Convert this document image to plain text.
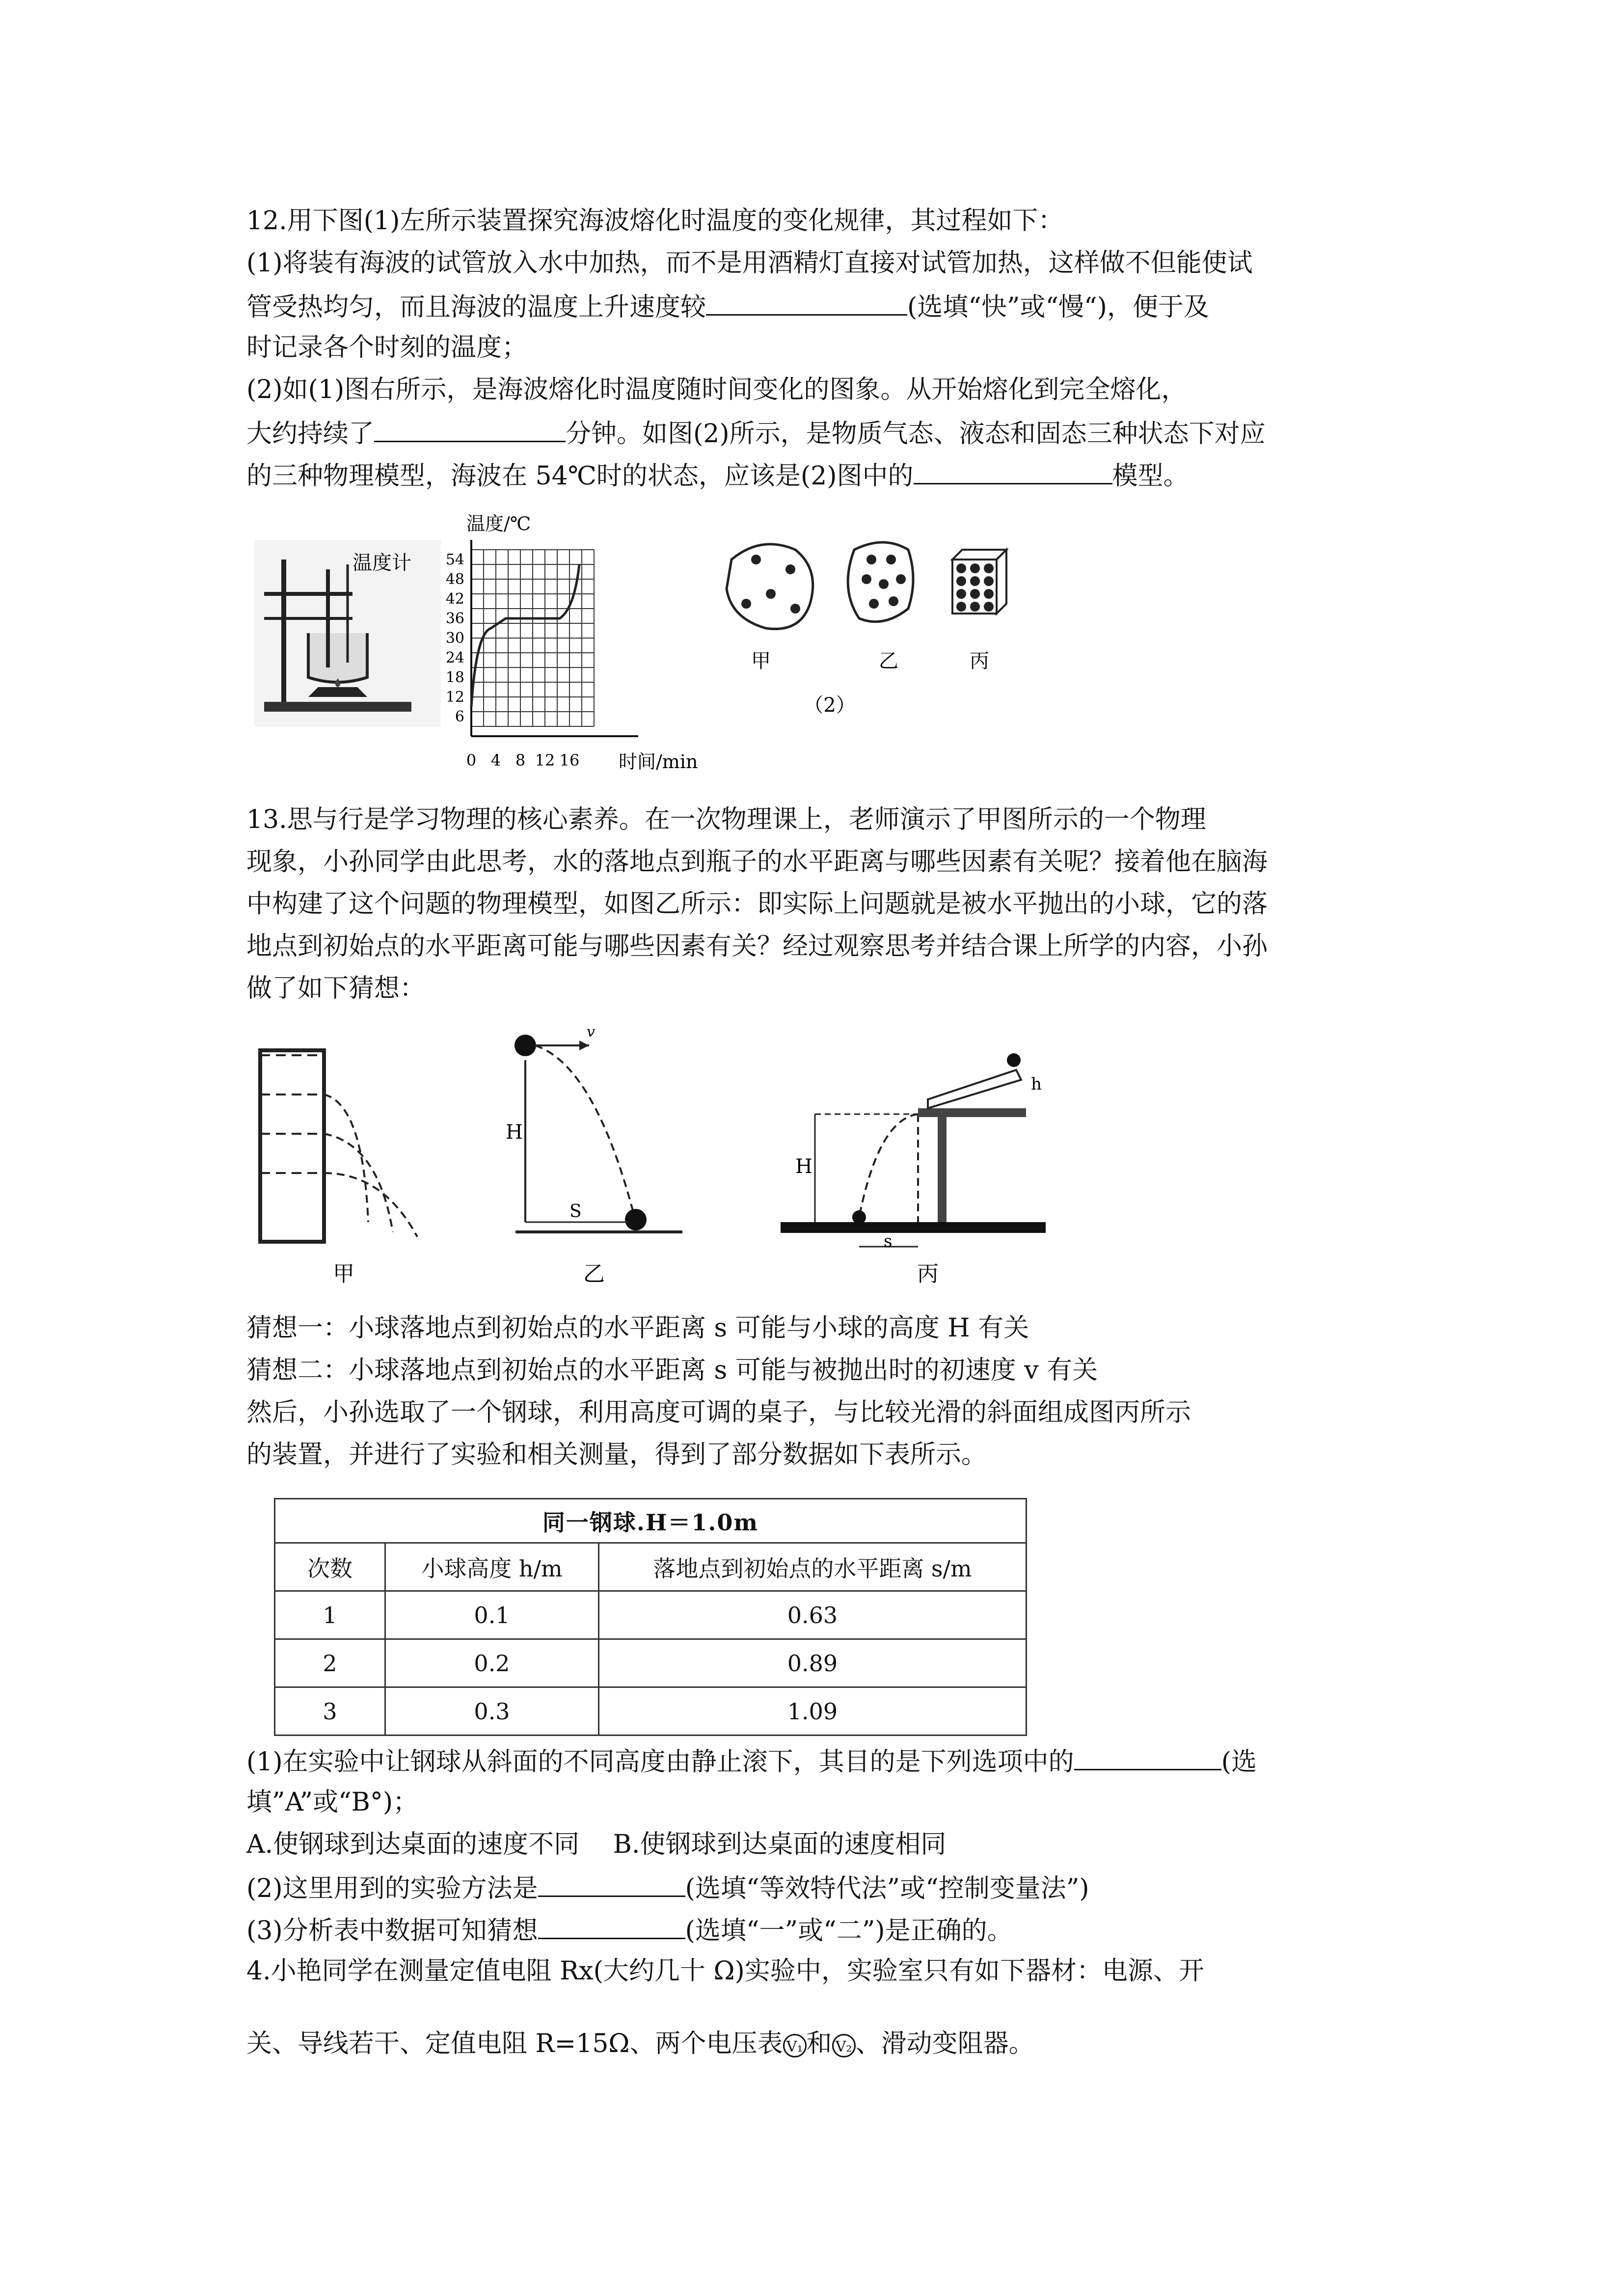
12.用下图(1)左所示装置探究海波熔化时温度的变化规律，其过程如下：
(1)将装有海波的试管放入水中加热，而不是用酒精灯直接对试管加热，这样做不但能使试
管受热均匀，而且海波的温度上升速度较	(选填“快”或“慢“)，便于及
时记录各个时刻的温度；
(2)如(1)图右所示，是海波熔化时温度随时间变化的图象。从开始熔化到完全熔化，
大约持续了	分钟。如图(2)所示，是物质气态、液态和固态三种状态下对应
的三种物理模型，海波在 54℃时的状态，应该是(2)图中的	模型。
温度计
温度/℃
时间/min
54
48
42
36
30
24
18
12
6
0 4 8 12 16
甲	乙	丙
（2）
13.思与行是学习物理的核心素养。在一次物理课上，老师演示了甲图所示的一个物理
现象，小孙同学由此思考，水的落地点到瓶子的水平距离与哪些因素有关呢？接着他在脑海
中构建了这个问题的物理模型，如图乙所示：即实际上问题就是被水平抛出的小球，它的落
地点到初始点的水平距离可能与哪些因素有关？经过观察思考并结合课上所学的内容，小孙
做了如下猜想：
甲
v
H
S
乙
h
H
s
丙
猜想一：小球落地点到初始点的水平距离 s 可能与小球的高度 H 有关
猜想二：小球落地点到初始点的水平距离 s 可能与被抛出时的初速度 v 有关
然后，小孙选取了一个钢球，利用高度可调的桌子，与比较光滑的斜面组成图丙所示
的装置，并进行了实验和相关测量，得到了部分数据如下表所示。
同一钢球.H＝1.0m		
次数	小球高度 h/m	落地点到初始点的水平距离 s/m
1	0.1	0.63
2	0.2	0.89
3	0.3	1.09
(1)在实验中让钢球从斜面的不同高度由静止滚下，其目的是下列选项中的	(选
填”A”或“B°)；
A.使钢球到达桌面的速度不同　 B.使钢球到达桌面的速度相同
(2)这里用到的实验方法是	(选填“等效特代法”或“控制变量法”)
(3)分析表中数据可知猜想	(选填“一”或“二”)是正确的。
4.小艳同学在测量定值电阻 Rx(大约几十 Ω)实验中，实验室只有如下器材：电源、开
关、导线若干、定值电阻 R=15Ω、两个电压表 V₁ 和 V₂ 、滑动变阻器。
